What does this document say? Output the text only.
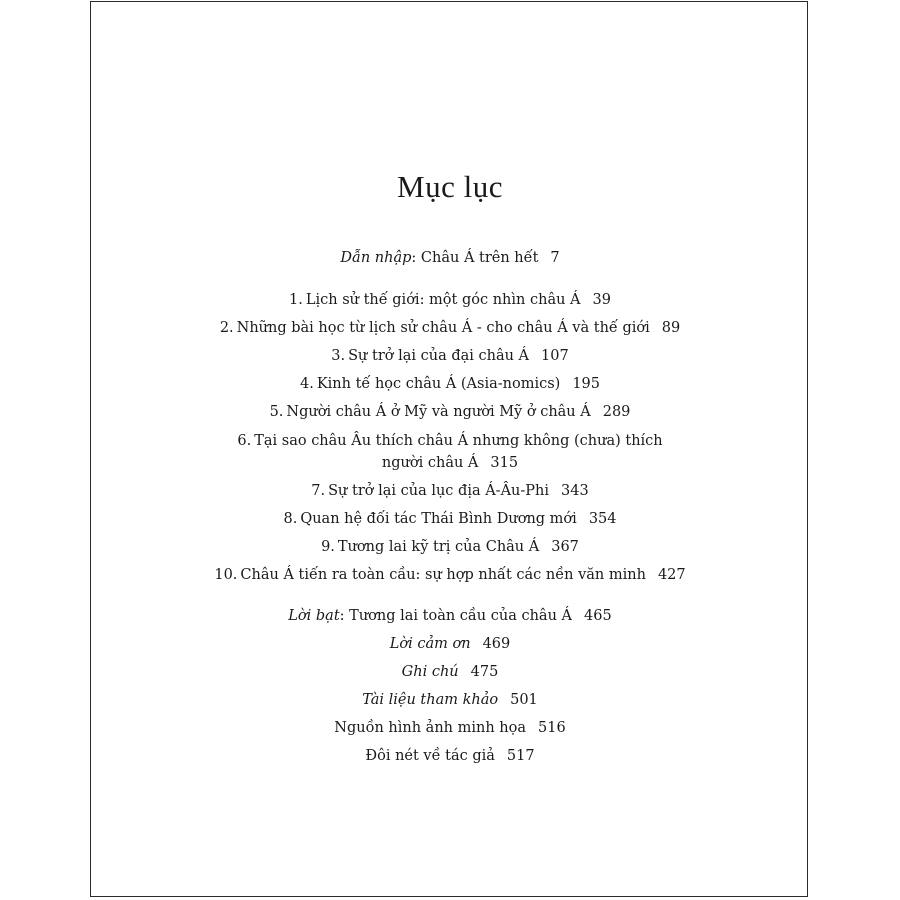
Mục lục
Dẫn nhập: Châu Á trên hết 7
1. Lịch sử thế giới: một góc nhìn châu Á 39
2. Những bài học từ lịch sử châu Á - cho châu Á và thế giới 89
3. Sự trở lại của đại châu Á 107
4. Kinh tế học châu Á (Asia-nomics) 195
5. Người châu Á ở Mỹ và người Mỹ ở châu Á 289
6. Tại sao châu Âu thích châu Á nhưng không (chưa) thích
người châu Á 315
7. Sự trở lại của lục địa Á-Âu-Phi 343
8. Quan hệ đối tác Thái Bình Dương mới 354
9. Tương lai kỹ trị của Châu Á 367
10. Châu Á tiến ra toàn cầu: sự hợp nhất các nền văn minh 427
Lời bạt: Tương lai toàn cầu của châu Á 465
Lời cảm ơn 469
Ghi chú 475
Tài liệu tham khảo 501
Nguồn hình ảnh minh họa 516
Đôi nét về tác giả 517
